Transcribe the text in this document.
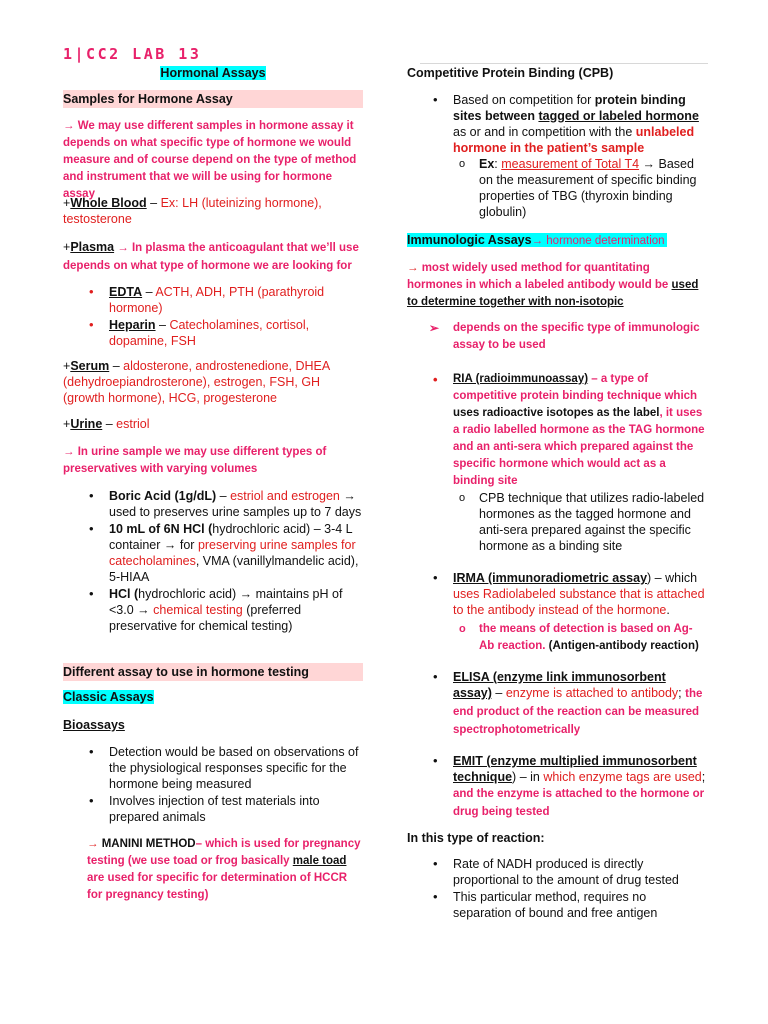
1|CC2 LAB 13
Hormonal Assays
Samples for Hormone Assay
→ We may use different samples in hormone assay it depends on what specific type of hormone we would measure and of course depend on the type of method and instrument that we will be using for hormone assay
+Whole Blood – Ex: LH (luteinizing hormone), testosterone
+Plasma → In plasma the anticoagulant that we’ll use depends on what type of hormone we are looking for
• EDTA – ACTH, ADH, PTH (parathyroid hormone)
• Heparin – Catecholamines, cortisol, dopamine, FSH
+Serum – aldosterone, androstenedione, DHEA (dehydroepiandrosterone), estrogen, FSH, GH (growth hormone), HCG, progesterone
+Urine – estriol
→ In urine sample we may use different types of preservatives with varying volumes
• Boric Acid (1g/dL) – estriol and estrogen → used to preserves urine samples up to 7 days
• 10 mL of 6N HCl (hydrochloric acid) – 3-4 L container → for preserving urine samples for catecholamines, VMA (vanillylmandelic acid), 5-HIAA
• HCl (hydrochloric acid) → maintains pH of <3.0 → chemical testing (preferred preservative for chemical testing)
Different assay to use in hormone testing
Classic Assays
Bioassays
• Detection would be based on observations of the physiological responses specific for the hormone being measured
• Involves injection of test materials into prepared animals
→ MANINI METHOD– which is used for pregnancy testing (we use toad or frog basically male toad are used for specific for determination of HCCR for pregnancy testing)
Competitive Protein Binding (CPB)
• Based on competition for protein binding sites between tagged or labeled hormone as or and in competition with the unlabeled hormone in the patient’s sample
o Ex: measurement of Total T4 → Based on the measurement of specific binding properties of TBG (thyroxin binding globulin)
Immunologic Assays→ hormone determination
→ most widely used method for quantitating hormones in which a labeled antibody would be used to determine together with non-isotopic
➢ depends on the specific type of immunologic assay to be used
• RIA (radioimmunoassay) – a type of competitive protein binding technique which uses radioactive isotopes as the label, it uses a radio labelled hormone as the TAG hormone and an anti-sera which prepared against the specific hormone which would act as a binding site
o CPB technique that utilizes radio-labeled hormones as the tagged hormone and anti-sera prepared against the specific hormone as a binding site
• IRMA (immunoradiometric assay) – which uses Radiolabeled substance that is attached to the antibody instead of the hormone.
o the means of detection is based on Ag-Ab reaction. (Antigen-antibody reaction)
• ELISA (enzyme link immunosorbent assay) – enzyme is attached to antibody; the end product of the reaction can be measured spectrophotometrically
• EMIT (enzyme multiplied immunosorbent technique) – in which enzyme tags are used; and the enzyme is attached to the hormone or drug being tested
In this type of reaction:
• Rate of NADH produced is directly proportional to the amount of drug tested
• This particular method, requires no separation of bound and free antigen
